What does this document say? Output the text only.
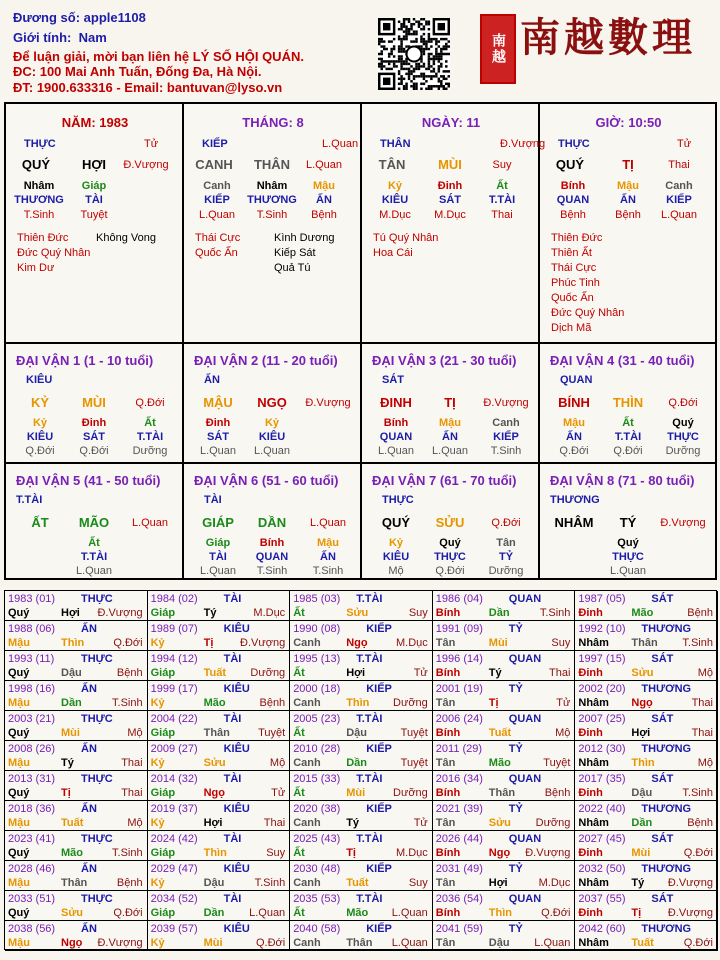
Đương số: apple1108
Giới tính: Nam
Để luận giải, mời bạn liên hệ LÝ SỐ HỘI QUÁN.
ĐC: 100 Mai Anh Tuấn, Đống Đa, Hà Nội.
ĐT: 1900.633316 - Email: bantuvan@lyso.vn
南越 南越數理
NĂM: 1983
THỰC	Tử
QUÝ HỢI Đ.Vượng
Nhâm Giáp
THƯƠNG TÀI
T.Sinh Tuyệt
Thiên Đức
Đức Quý Nhân
Kim Dư
Không Vong
THÁNG: 8
KIẾP	L.Quan
CANH THÂN L.Quan
Canh Nhâm Mậu
KIẾP THƯƠNG ẤN
L.Quan T.Sinh Bệnh
Thái Cực
Quốc Ấn
Kình Dương
Kiếp Sát
Quả Tú
NGÀY: 11
THÂN	Đ.Vượng
TÂN	MÙI	Suy
Kỷ	Đinh	Ất
KIÊU	SÁT	T.TÀI
M.Dục M.Dục Thai
Tú Quý Nhân
Hoa Cái
GIỜ: 10:50
THỰC	Tử
QUÝ	TỊ	Thai
Bính	Mậu Canh
QUAN	ẤN	KIẾP
Bệnh	Bệnh L.Quan
Thiên Đức
Thiên Ất
Thái Cực
Phúc Tinh
Quốc Ấn
Đức Quý Nhân
Dịch Mã
ĐẠI VẬN 1 (1 - 10 tuổi)
KIÊU
KỶ	MÙI	Q.Đới
Kỷ	Đinh	Ất
KIÊU	SÁT	T.TÀI
Q.Đới Q.Đới Dưỡng
ĐẠI VẬN 2 (11 - 20 tuổi)
ẤN
MẬU NGỌ Đ.Vượng
Đinh	Kỷ
SÁT	KIÊU
L.Quan L.Quan
ĐẠI VẬN 3 (21 - 30 tuổi)
SÁT
ĐINH TỊ	Đ.Vượng
Bính	Mậu	Canh
QUAN	ẤN	KIẾP
L.Quan L.Quan T.Sinh
ĐẠI VẬN 4 (31 - 40 tuổi)
QUAN
BÍNH THÌN Q.Đới
Mậu	Ất	Quý
ẤN	T.TÀI THỰC
Q.Đới Q.Đới Dưỡng
ĐẠI VẬN 5 (41 - 50 tuổi)
T.TÀI
ẤT MÃO L.Quan
Ất
T.TÀI
L.Quan
ĐẠI VẬN 6 (51 - 60 tuổi)
TÀI
GIÁP DẦN L.Quan
Giáp	Bính	Mậu
TÀI	QUAN	ẤN
L.Quan T.Sinh T.Sinh
ĐẠI VẬN 7 (61 - 70 tuổi)
THỰC
QUÝ SỬU Q.Đới
Kỷ	Quý	Tân
KIÊU THỰC	TỶ
Mộ	Q.Đới Dưỡng
ĐẠI VẬN 8 (71 - 80 tuổi)
THƯƠNG
NHÂM TÝ Đ.Vượng
Quý
THỰC
L.Quan
1983 (01) THỰC
Quý	Hợi Đ.Vượng
1984 (02) TÀI
Giáp	Tý	M.Dục
1985 (03) T.TÀI
Ất	Sửu	Suy
1986 (04) QUAN
Bính	Dần	T.Sinh
1987 (05) SÁT
Đinh	Mão	Bệnh
1988 (06) ẤN
Mậu	Thìn	Q.Đới
1989 (07) KIÊU
Kỷ	Tị Đ.Vượng
1990 (08) KIẾP
Canh Ngọ	M.Dục
1991 (09) TỶ
Tân	Mùi	Suy
1992 (10) THƯƠNG
Nhâm Thân T.Sinh
1993 (11) THỰC
Quý	Dậu	Bệnh
1994 (12) TÀI
Giáp	Tuất Dưỡng
1995 (13) T.TÀI
Ất	Hợi	Tử
1996 (14) QUAN
Bính	Tý	Thai
1997 (15) SÁT
Đinh	Sửu	Mộ
1998 (16) ẤN
Mậu	Dần	T.Sinh
1999 (17) KIÊU
Kỷ	Mão	Bệnh
2000 (18) KIẾP
Canh Thìn Dưỡng
2001 (19) TỶ
Tân	Tị	Tử
2002 (20) THƯƠNG
Nhâm Ngọ	Thai
2003 (21) THỰC
Quý	Mùi	Mộ
2004 (22) TÀI
Giáp	Thân	Tuyệt
2005 (23) T.TÀI
Ất	Dậu	Tuyệt
2006 (24) QUAN
Bính	Tuất	Mộ
2007 (25) SÁT
Đinh	Hợi	Thai
2008 (26) ẤN
Mậu	Tý	Thai
2009 (27) KIÊU
Kỷ	Sửu	Mộ
2010 (28) KIẾP
Canh Dần	Tuyệt
2011 (29) TỶ
Tân	Mão	Tuyệt
2012 (30) THƯƠNG
Nhâm Thìn	Mộ
2013 (31) THỰC
Quý	Tị	Thai
2014 (32) TÀI
Giáp	Ngọ	Tử
2015 (33) T.TÀI
Ất	Mùi	Dưỡng
2016 (34) QUAN
Bính	Thân	Bệnh
2017 (35) SÁT
Đinh	Dậu	T.Sinh
2018 (36) ẤN
Mậu	Tuất	Mộ
2019 (37) KIÊU
Kỷ	Hợi	Thai
2020 (38) KIẾP
Canh Tý	Tử
2021 (39) TỶ
Tân	Sửu Dưỡng
2022 (40) THƯƠNG
Nhâm Dần	Bệnh
2023 (41) THỰC
Quý	Mão	T.Sinh
2024 (42) TÀI
Giáp	Thìn	Suy
2025 (43) T.TÀI
Ất	Tị	M.Dục
2026 (44) QUAN
Bính	Ngọ Đ.Vượng
2027 (45) SÁT
Đinh	Mùi	Q.Đới
2028 (46) ẤN
Mậu	Thân	Bệnh
2029 (47) KIÊU
Kỷ	Dậu	T.Sinh
2030 (48) KIẾP
Canh Tuất	Suy
2031 (49) TỶ
Tân	Hợi	M.Dục
2032 (50) THƯƠNG
Nhâm Tý Đ.Vượng
2033 (51) THỰC
Quý	Sửu	Q.Đới
2034 (52) TÀI
Giáp	Dần L.Quan
2035 (53) T.TÀI
Ất	Mão L.Quan
2036 (54) QUAN
Bính	Thìn	Q.Đới
2037 (55) SÁT
Đinh	Tị Đ.Vượng
2038 (56) ẤN
Mậu	Ngọ Đ.Vượng
2039 (57) KIÊU
Kỷ	Mùi	Q.Đới
2040 (58) KIẾP
Canh Thân L.Quan
2041 (59) TỶ
Tân	Dậu L.Quan
2042 (60) THƯƠNG
Nhâm Tuất	Q.Đới
